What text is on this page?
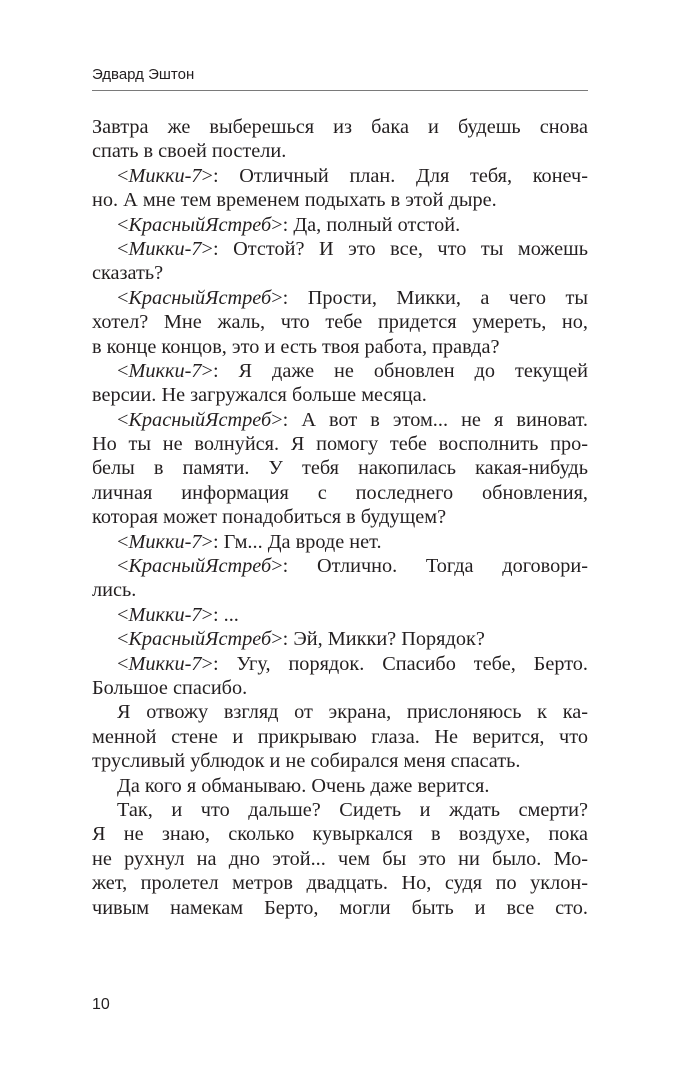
Эдвард Эштон
Завтра же выберешься из бака и будешь снова
спать в своей постели.
<Микки-7>: Отличный план. Для тебя, конеч-
но. А мне тем временем подыхать в этой дыре.
<КрасныйЯстреб>: Да, полный отстой.
<Микки-7>: Отстой? И это все, что ты можешь
сказать?
<КрасныйЯстреб>: Прости, Микки, а чего ты
хотел? Мне жаль, что тебе придется умереть, но,
в конце концов, это и есть твоя работа, правда?
<Микки-7>: Я даже не обновлен до текущей
версии. Не загружался больше месяца.
<КрасныйЯстреб>: А вот в этом... не я виноват.
Но ты не волнуйся. Я помогу тебе восполнить про-
белы в памяти. У тебя накопилась какая-нибудь
личная информация с последнего обновления,
которая может понадобиться в будущем?
<Микки-7>: Гм... Да вроде нет.
<КрасныйЯстреб>: Отлично. Тогда договори-
лись.
<Микки-7>: ...
<КрасныйЯстреб>: Эй, Микки? Порядок?
<Микки-7>: Угу, порядок. Спасибо тебе, Берто.
Большое спасибо.
Я отвожу взгляд от экрана, прислоняюсь к ка-
менной стене и прикрываю глаза. Не верится, что
трусливый ублюдок и не собирался меня спасать.
Да кого я обманываю. Очень даже верится.
Так, и что дальше? Сидеть и ждать смерти?
Я не знаю, сколько кувыркался в воздухе, пока
не рухнул на дно этой... чем бы это ни было. Мо-
жет, пролетел метров двадцать. Но, судя по уклон-
чивым намекам Берто, могли быть и все сто.
10
